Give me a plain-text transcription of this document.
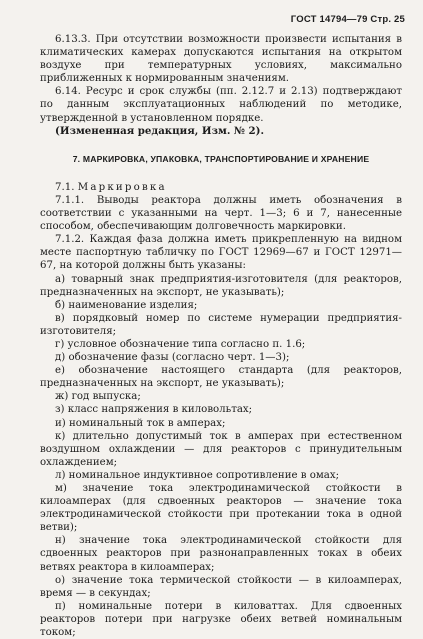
ГОСТ 14794—79 Стр. 25

6.13.3. При отсутствии возможности произвести испытания в климатических камерах допускаются испытания на открытом воздухе при температурных условиях, максимально приближенных к нормированным значениям.

6.14. Ресурс и срок службы (пп. 2.12.7 и 2.13) подтверждают по данным эксплуатационных наблюдений по методике, утвержденной в установленном порядке.

(Измененная редакция, Изм. № 2).

7. МАРКИРОВКА, УПАКОВКА, ТРАНСПОРТИРОВАНИЕ И ХРАНЕНИЕ

7.1. Маркировка

7.1.1. Выводы реактора должны иметь обозначения в соответствии с указанными на черт. 1—3; 6 и 7, нанесенные способом, обеспечивающим долговечность маркировки.

7.1.2. Каждая фаза должна иметь прикрепленную на видном месте паспортную табличку по ГОСТ 12969—67 и ГОСТ 12971—67, на которой должны быть указаны:

а) товарный знак предприятия-изготовителя (для реакторов, предназначенных на экспорт, не указывать);
б) наименование изделия;
в) порядковый номер по системе нумерации предприятия-изготовителя;
г) условное обозначение типа согласно п. 1.6;
д) обозначение фазы (согласно черт. 1—3);
е) обозначение настоящего стандарта (для реакторов, предназначенных на экспорт, не указывать);
ж) год выпуска;
з) класс напряжения в киловольтах;
и) номинальный ток в амперах;
к) длительно допустимый ток в амперах при естественном воздушном охлаждении — для реакторов с принудительным охлаждением;
л) номинальное индуктивное сопротивление в омах;
м) значение тока электродинамической стойкости в килоамперах (для сдвоенных реакторов — значение тока электродинамической стойкости при протекании тока в одной ветви);
н) значение тока электродинамической стойкости для сдвоенных реакторов при разнонаправленных токах в обеих ветвях реактора в килоамперах;
о) значение тока термической стойкости — в килоамперах, время — в секундах;
п) номинальные потери в киловаттах. Для сдвоенных реакторов потери при нагрузке обеих ветвей номинальным током;
